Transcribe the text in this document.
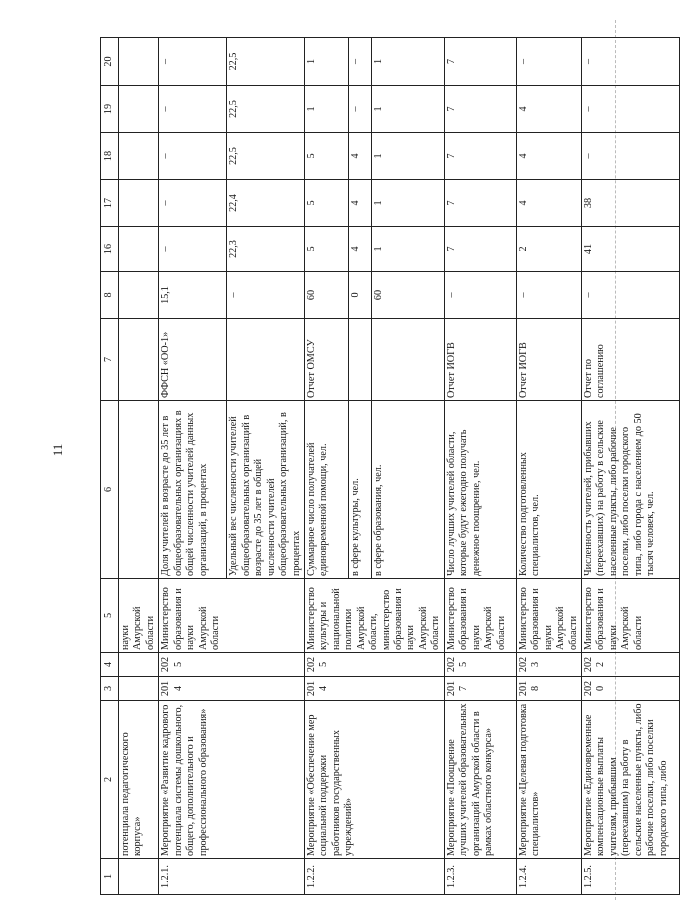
11
1	2	3	4	5	6	7	8	16	17	18	19	20
	потенциала педагогического корпуса»			науки Амурской области								
1.2.1.	Мероприятие «Развитие кадрового потенциала системы дошкольного, общего, дополнительного и профессионального образования»	2014	2025	Министерство образования и науки Амурской области	Доля учителей в возрасте до 35 лет в общеобразовательных организациях в общей численности учителей данных организаций, в процентах	ФФСН «ОО-1»	15,1	–	–	–	–	–
					Удельный вес численности учителей общеобразовательных организаций в возрасте до 35 лет в общей численности учителей общеобразовательных организаций, в процентах		–	22,3	22,4	22,5	22,5	22,5
1.2.2.	Мероприятие «Обеспечение мер социальной поддержки работников государственных учреждений»	2014	2025	Министерство культуры и национальной политики Амурской области, министерство образования и науки Амурской области	Суммарное число получателей единовременной помощи, чел.	Отчет ОМСУ	60	5	5	5	1	1
					в сфере культуры, чел.		0	4	4	4	–	–
					в сфере образования, чел.		60	1	1	1	1	1
1.2.3.	Мероприятие «Поощрение лучших учителей образовательных организаций Амурской области в рамках областного конкурса»	2017	2025	Министерство образования и науки Амурской области	Число лучших учителей области, которые будут ежегодно получать денежное поощрение, чел.	Отчет ИОГВ	–	7	7	7	7	7
1.2.4.	Мероприятие «Целевая подготовка специалистов»	2018	2023	Министерство образования и науки Амурской области	Количество подготовленных специалистов, чел.	Отчет ИОГВ	–	2	4	4	4	–
1.2.5.	Мероприятие «Единовременные компенсационные выплаты учителям, прибывшим (переехавшим) на работу в сельские населенные пункты, либо рабочие поселки, либо поселки городского типа, либо	2020	2022	Министерство образования и науки Амурской области	Численность учителей, прибывших (переехавших) на работу в сельские населенные пункты, либо рабочие поселки, либо поселки городского типа, либо города с населением до 50 тысяч человек, чел.	Отчет по соглашению	–	41	38	–	–	–
